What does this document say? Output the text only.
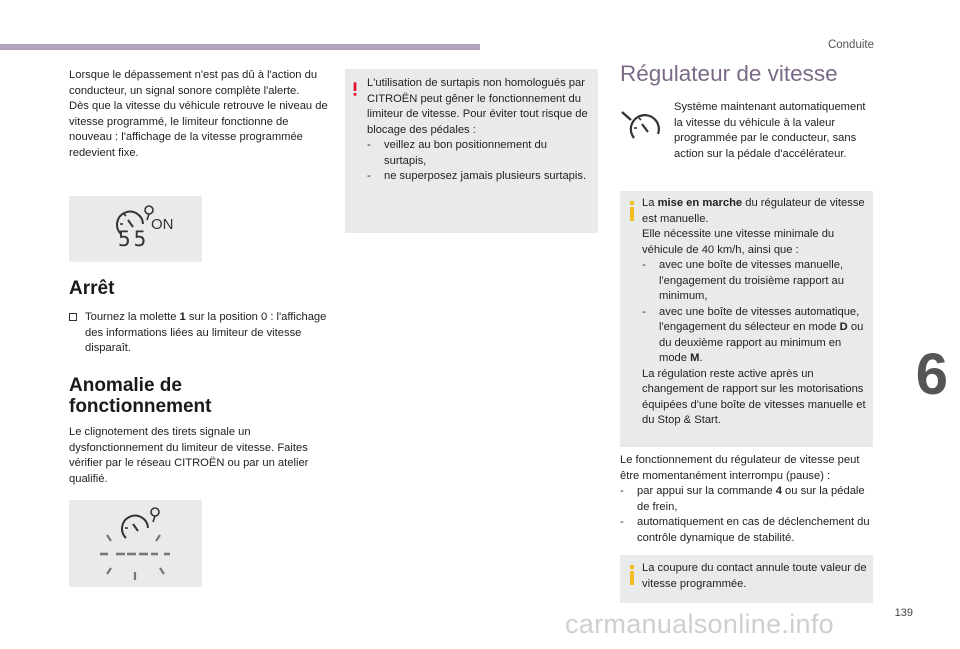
Conduite
6
139
carmanualsonline.info

Lorsque le dépassement n'est pas dû à l'action du conducteur, un signal sonore complète l'alerte.

Dès que la vitesse du véhicule retrouve le niveau de vitesse programmé, le limiteur fonctionne de nouveau : l'affichage de la vitesse programmée redevient fixe.

ON
55
Arrêt
Tournez la molette 1 sur la position 0 : l'affichage des informations liées au limiteur de vitesse disparaît.
Anomalie de
fonctionnement

Le clignotement des tirets signale un dysfonctionnement du limiteur de vitesse. Faites vérifier par le réseau CITROËN ou par un atelier qualifié.

L'utilisation de surtapis non homologués par CITROËN peut gêner le fonctionnement du limiteur de vitesse. Pour éviter tout risque de blocage des pédales :

-	veillez au bon positionnement du surtapis,
-	ne superposez jamais plusieurs surtapis.
Régulateur de vitesse

Système maintenant automatiquement la vitesse du véhicule à la valeur programmée par le conducteur, sans action sur la pédale d'accélérateur.

La mise en marche du régulateur de vitesse est manuelle.

Elle nécessite une vitesse minimale du véhicule de 40 km/h, ainsi que :

-	avec une boîte de vitesses manuelle, l'engagement du troisième rapport au minimum,
-	avec une boîte de vitesses automatique, l'engagement du sélecteur en mode D ou du deuxième rapport au minimum en mode M.

La régulation reste active après un changement de rapport sur les motorisations équipées d'une boîte de vitesses manuelle et du Stop & Start.

Le fonctionnement du régulateur de vitesse peut être momentanément interrompu (pause) :

-	par appui sur la commande 4 ou sur la pédale de frein,
-	automatiquement en cas de déclenchement du contrôle dynamique de stabilité.

La coupure du contact annule toute valeur de vitesse programmée.
